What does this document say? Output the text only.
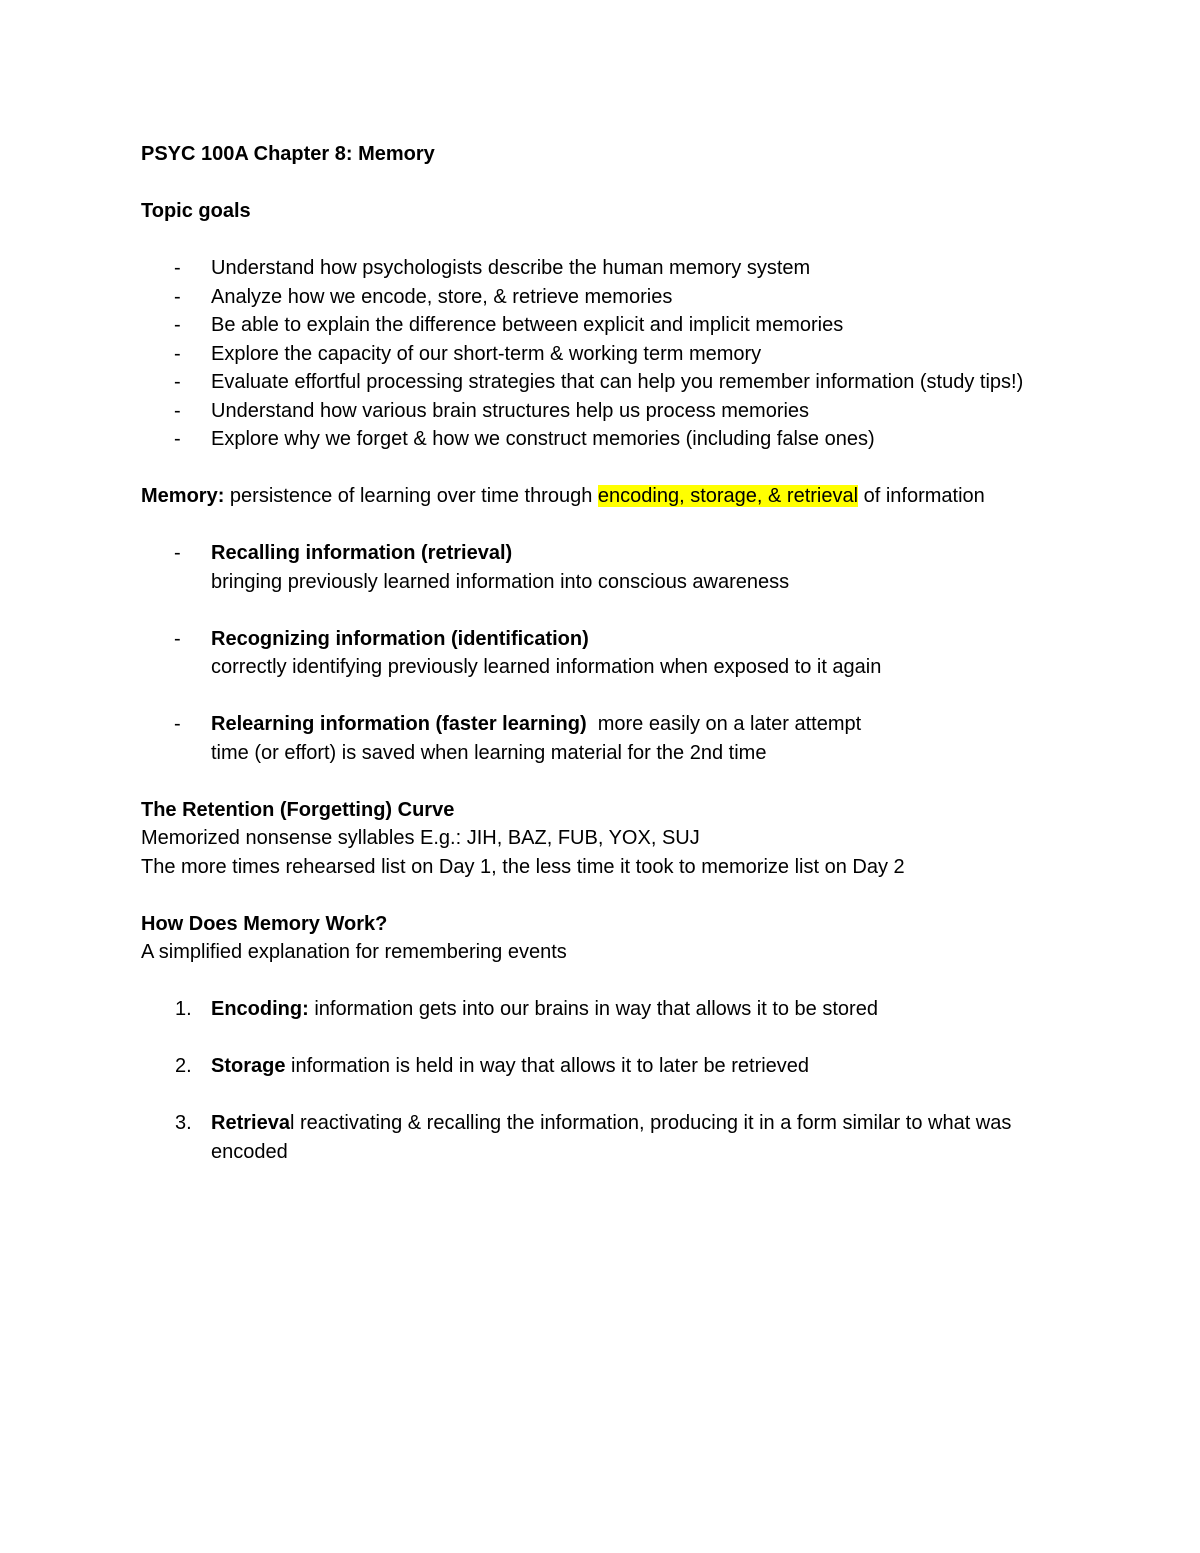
PSYC 100A Chapter 8: Memory
Topic goals
- Understand how psychologists describe the human memory system
- Analyze how we encode, store, & retrieve memories
- Be able to explain the difference between explicit and implicit memories
- Explore the capacity of our short-term & working term memory
- Evaluate effortful processing strategies that can help you remember information (study tips!)
- Understand how various brain structures help us process memories
- Explore why we forget & how we construct memories (including false ones)
Memory: persistence of learning over time through encoding, storage, & retrieval of information
- Recalling information (retrieval)
bringing previously learned information into conscious awareness
- Recognizing information (identification)
correctly identifying previously learned information when exposed to it again
- Relearning information (faster learning)  more easily on a later attempt
time (or effort) is saved when learning material for the 2nd time
The Retention (Forgetting) Curve
Memorized nonsense syllables E.g.: JIH, BAZ, FUB, YOX, SUJ
The more times rehearsed list on Day 1, the less time it took to memorize list on Day 2
How Does Memory Work?
A simplified explanation for remembering events
1. Encoding: information gets into our brains in way that allows it to be stored
2. Storage information is held in way that allows it to later be retrieved
3. Retrieval reactivating & recalling the information, producing it in a form similar to what was encoded
